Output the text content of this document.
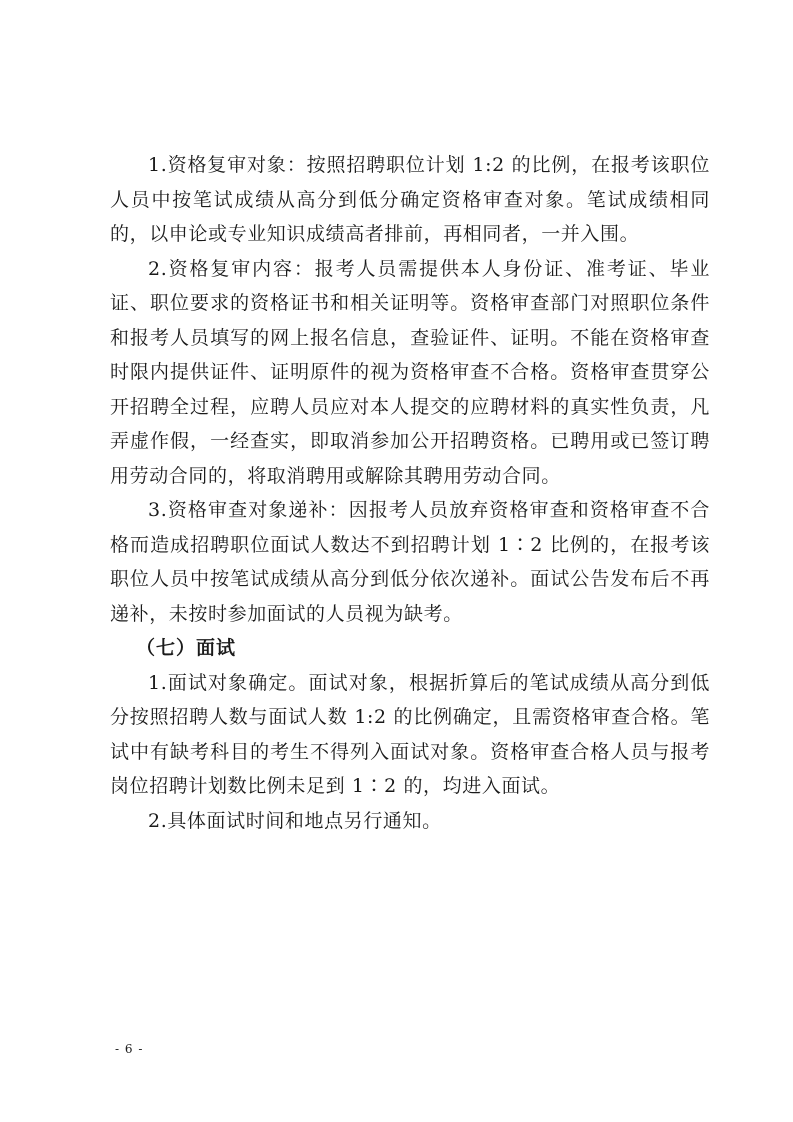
1.资格复审对象：按照招聘职位计划 1:2 的比例，在报考该职位人员中按笔试成绩从高分到低分确定资格审查对象。笔试成绩相同的，以申论或专业知识成绩高者排前，再相同者，一并入围。

2.资格复审内容：报考人员需提供本人身份证、准考证、毕业证、职位要求的资格证书和相关证明等。资格审查部门对照职位条件和报考人员填写的网上报名信息，查验证件、证明。不能在资格审查时限内提供证件、证明原件的视为资格审查不合格。资格审查贯穿公开招聘全过程，应聘人员应对本人提交的应聘材料的真实性负责，凡弄虚作假，一经查实，即取消参加公开招聘资格。已聘用或已签订聘用劳动合同的，将取消聘用或解除其聘用劳动合同。

3.资格审查对象递补：因报考人员放弃资格审查和资格审查不合格而造成招聘职位面试人数达不到招聘计划 1∶2 比例的，在报考该职位人员中按笔试成绩从高分到低分依次递补。面试公告发布后不再递补，未按时参加面试的人员视为缺考。

（七）面试

1.面试对象确定。面试对象，根据折算后的笔试成绩从高分到低分按照招聘人数与面试人数 1:2 的比例确定，且需资格审查合格。笔试中有缺考科目的考生不得列入面试对象。资格审查合格人员与报考岗位招聘计划数比例未足到 1∶2 的，均进入面试。

2.具体面试时间和地点另行通知。

- 6 -
